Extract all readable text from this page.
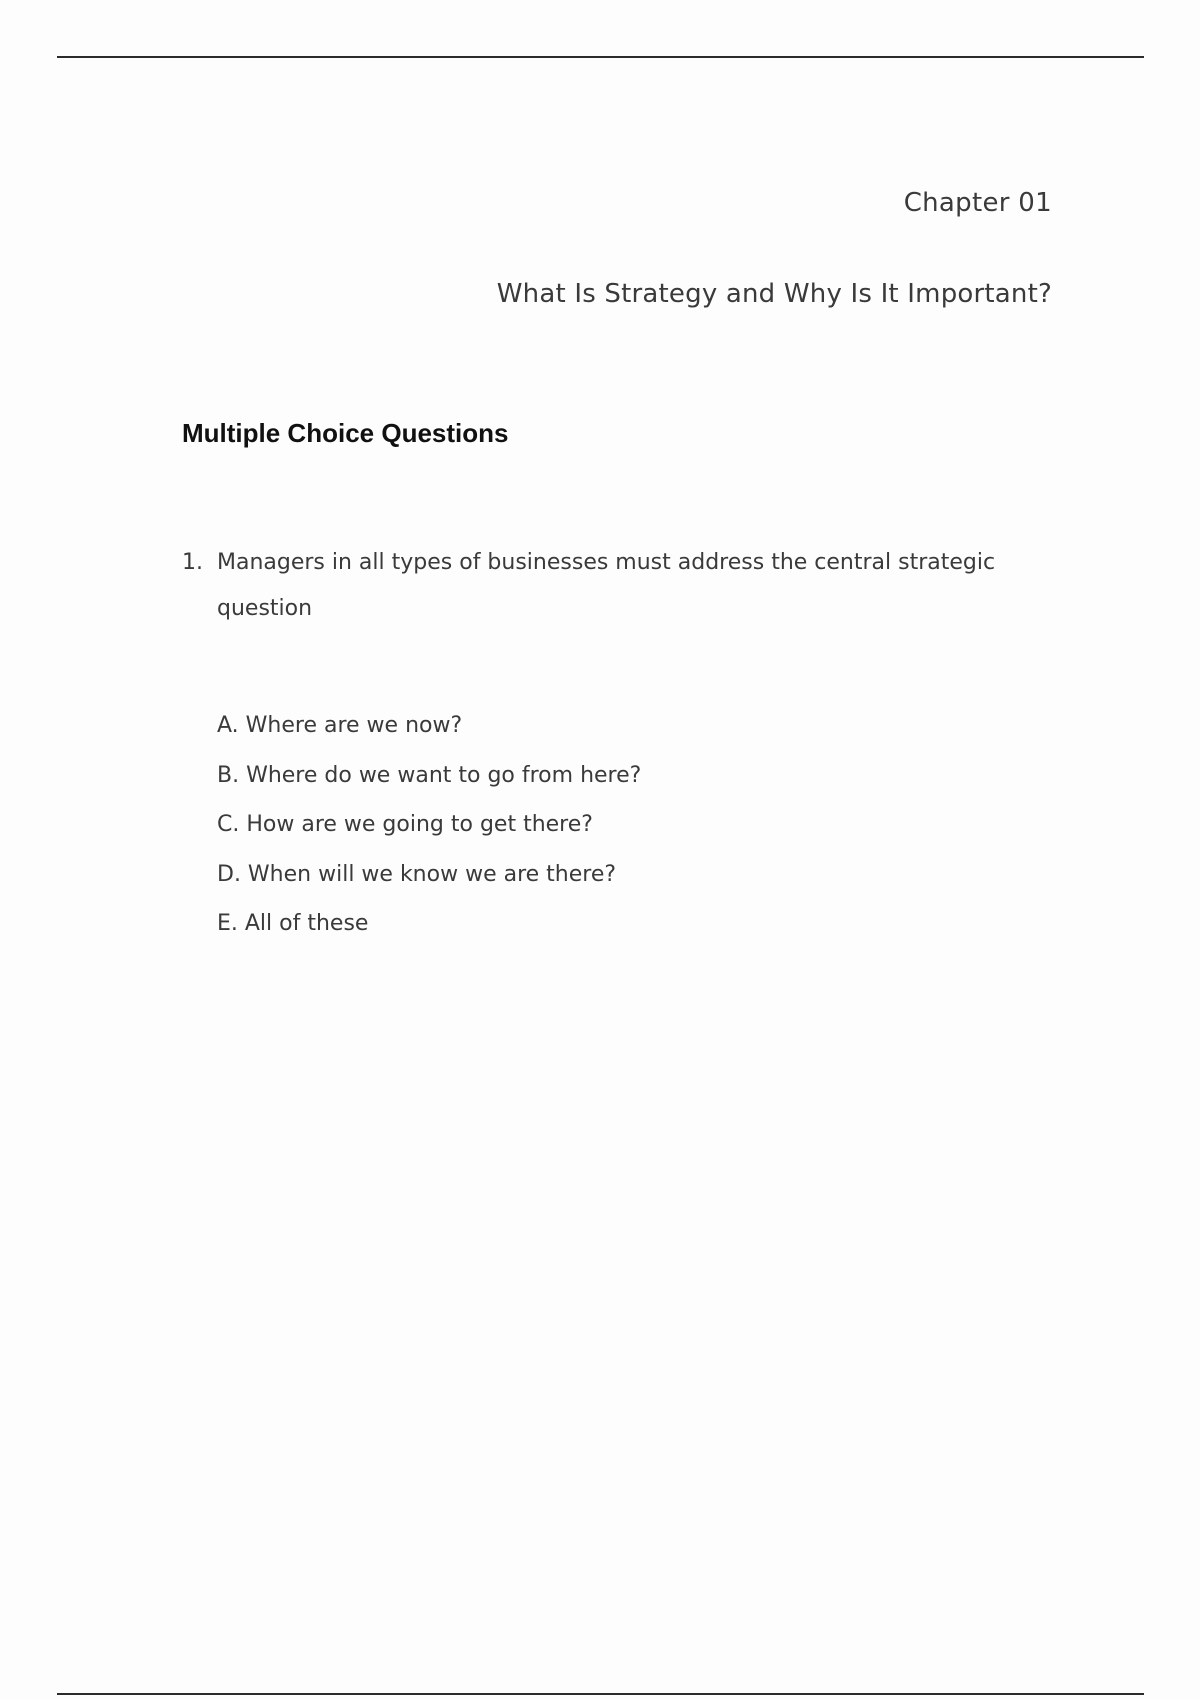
Chapter 01
What Is Strategy and Why Is It Important?
Multiple Choice Questions
1. Managers in all types of businesses must address the central strategic question
A. Where are we now?
B. Where do we want to go from here?
C. How are we going to get there?
D. When will we know we are there?
E. All of these
